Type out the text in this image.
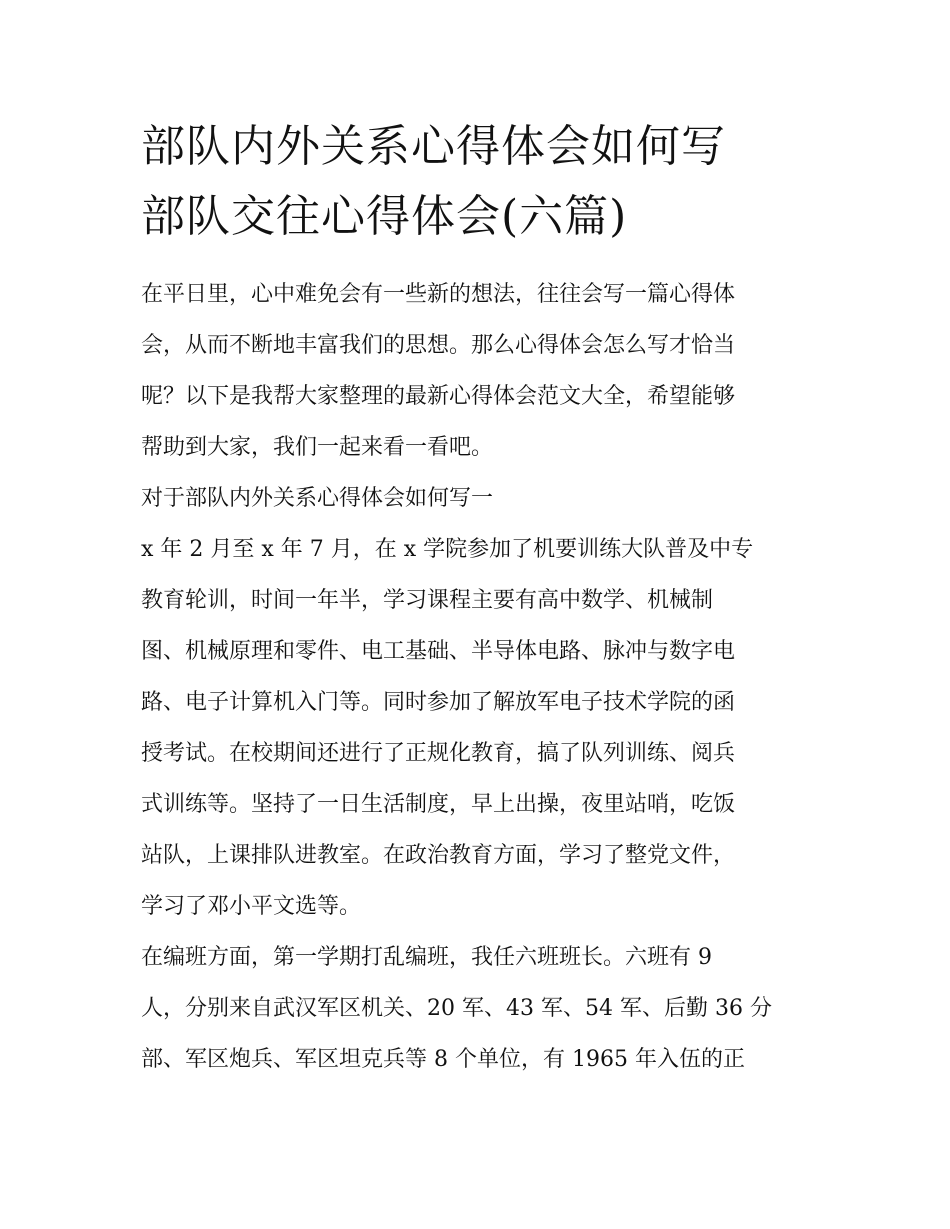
部队内外关系心得体会如何写
部队交往心得体会(六篇)

在平日里，心中难免会有一些新的想法，往往会写一篇心得体
会，从而不断地丰富我们的思想。那么心得体会怎么写才恰当
呢？以下是我帮大家整理的最新心得体会范文大全，希望能够
帮助到大家，我们一起来看一看吧。

对于部队内外关系心得体会如何写一

x 年 2 月至 x 年 7 月，在 x 学院参加了机要训练大队普及中专
教育轮训，时间一年半，学习课程主要有高中数学、机械制
图、机械原理和零件、电工基础、半导体电路、脉冲与数字电
路、电子计算机入门等。同时参加了解放军电子技术学院的函
授考试。在校期间还进行了正规化教育，搞了队列训练、阅兵
式训练等。坚持了一日生活制度，早上出操，夜里站哨，吃饭
站队，上课排队进教室。在政治教育方面，学习了整党文件，
学习了邓小平文选等。

在编班方面，第一学期打乱编班，我任六班班长。六班有 9
人，分别来自武汉军区机关、20 军、43 军、54 军、后勤 36 分
部、军区炮兵、军区坦克兵等 8 个单位，有 1965 年入伍的正
